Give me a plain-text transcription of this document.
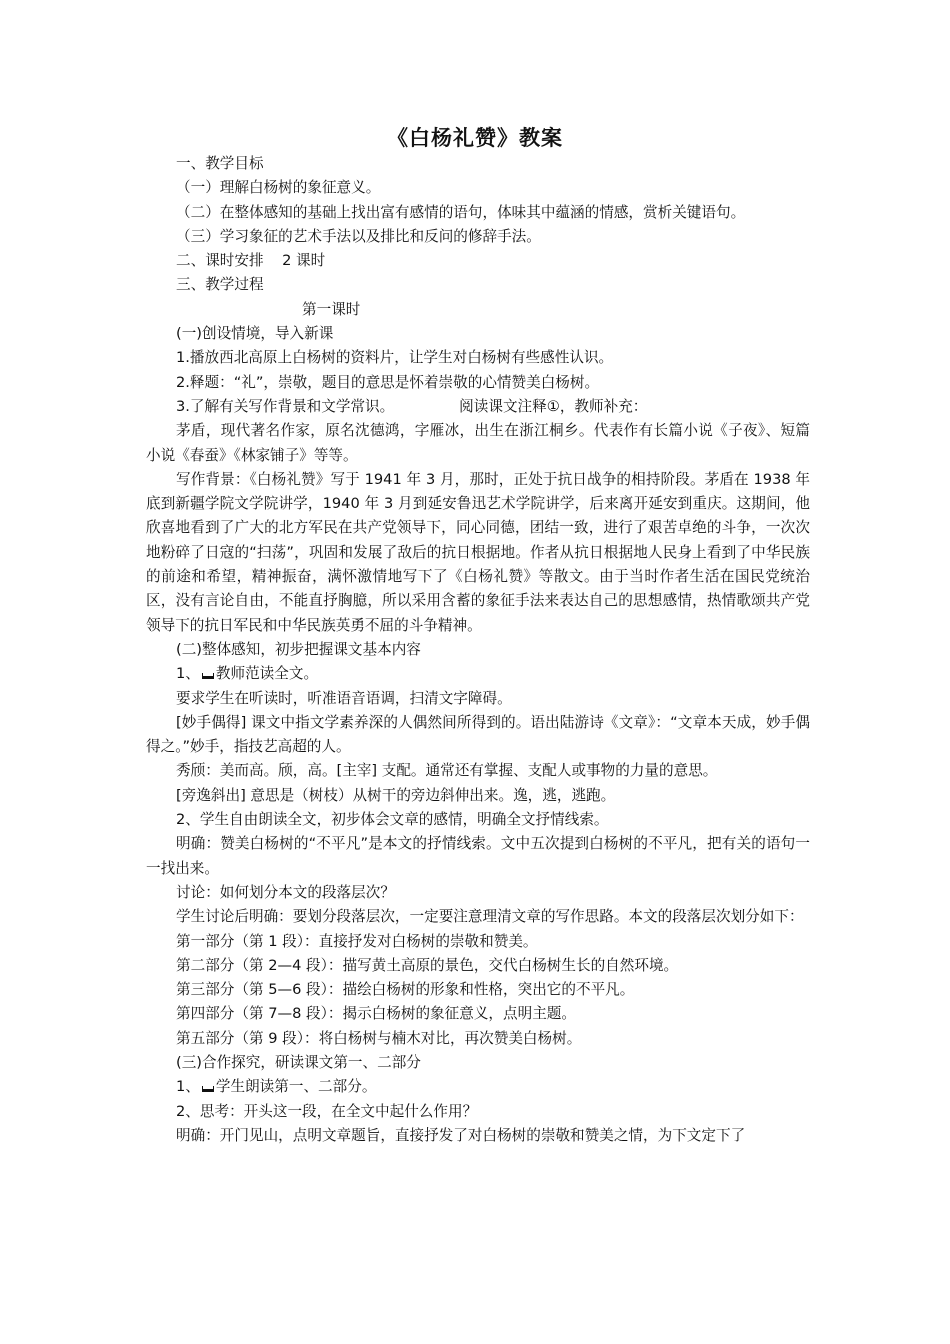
《白杨礼赞》教案

一、教学目标

（一）理解白杨树的象征意义。

（二）在整体感知的基础上找出富有感情的语句，体味其中蕴涵的情感，赏析关键语句。

（三）学习象征的艺术手法以及排比和反问的修辞手法。

二、课时安排    2 课时

三、教学过程

第一课时

(一)创设情境，导入新课

1.播放西北高原上白杨树的资料片，让学生对白杨树有些感性认识。

2.释题：“礼”，崇敬，题目的意思是怀着崇敬的心情赞美白杨树。

3.了解有关写作背景和文学常识。              阅读课文注释①，教师补充：

茅盾，现代著名作家，原名沈德鸿，字雁冰，出生在浙江桐乡。代表作有长篇小说《子夜》、短篇小说《春蚕》《林家铺子》等等。

写作背景：《白杨礼赞》写于 1941 年 3 月，那时，正处于抗日战争的相持阶段。茅盾在 1938 年底到新疆学院文学院讲学，1940 年 3 月到延安鲁迅艺术学院讲学，后来离开延安到重庆。这期间，他欣喜地看到了广大的北方军民在共产党领导下，同心同德，团结一致，进行了艰苦卓绝的斗争，一次次地粉碎了日寇的“扫荡”，巩固和发展了敌后的抗日根据地。作者从抗日根据地人民身上看到了中华民族的前途和希望，精神振奋，满怀激情地写下了《白杨礼赞》等散文。由于当时作者生活在国民党统治区，没有言论自由，不能直抒胸臆，所以采用含蓄的象征手法来表达自己的思想感情，热情歌颂共产党领导下的抗日军民和中华民族英勇不屈的斗争精神。

(二)整体感知，初步把握课文基本内容

1、 教师范读全文。

要求学生在听读时，听准语音语调，扫清文字障碍。

[妙手偶得] 课文中指文学素养深的人偶然间所得到的。语出陆游诗《文章》：“文章本天成，妙手偶得之。”妙手，指技艺高超的人。

秀颀：美而高。颀，高。[主宰] 支配。通常还有掌握、支配人或事物的力量的意思。

[旁逸斜出] 意思是（树枝）从树干的旁边斜伸出来。逸，逃，逃跑。

2、学生自由朗读全文，初步体会文章的感情，明确全文抒情线索。

明确：赞美白杨树的“不平凡”是本文的抒情线索。文中五次提到白杨树的不平凡，把有关的语句一一找出来。

讨论：如何划分本文的段落层次？

学生讨论后明确：要划分段落层次，一定要注意理清文章的写作思路。本文的段落层次划分如下：

第一部分（第 1 段）：直接抒发对白杨树的崇敬和赞美。

第二部分（第 2—4 段）：描写黄土高原的景色，交代白杨树生长的自然环境。

第三部分（第 5—6 段）：描绘白杨树的形象和性格，突出它的不平凡。

第四部分（第 7—8 段）：揭示白杨树的象征意义，点明主题。

第五部分（第 9 段）：将白杨树与楠木对比，再次赞美白杨树。

(三)合作探究，研读课文第一、二部分

1、 学生朗读第一、二部分。

2、思考：开头这一段，在全文中起什么作用？

明确：开门见山，点明文章题旨，直接抒发了对白杨树的崇敬和赞美之情，为下文定下了
